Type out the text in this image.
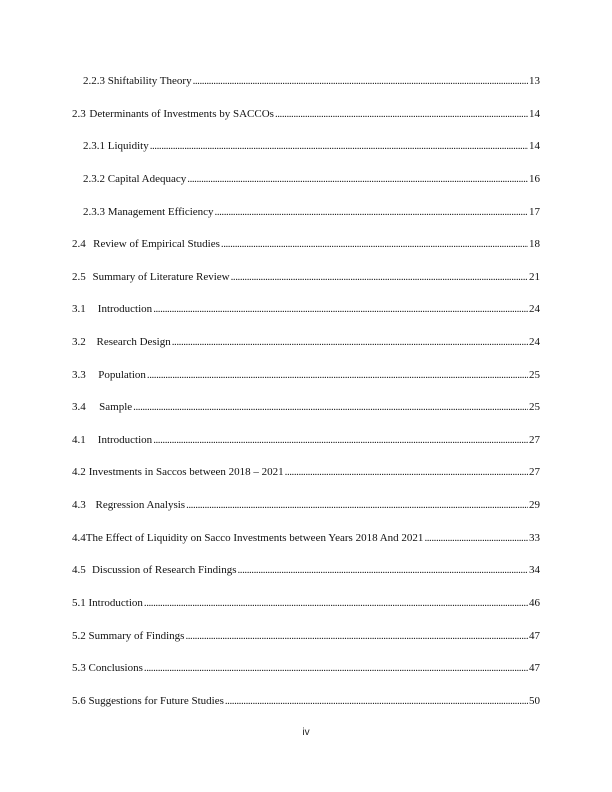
2.2.3 Shiftability Theory . . .	13
2.3 Determinants of Investments by SACCOs . . .	14
2.3.1 Liquidity . . .	14
2.3.2 Capital Adequacy . . .	16
2.3.3 Management Efficiency . . .	17
2.4 Review of Empirical Studies . . .	18
2.5 Summary of Literature Review . . .	21
3.1	Introduction . . .	24
3.2 Research Design . . .	24
3.3	Population . . .	25
3.4	Sample . . .	25
4.1	Introduction . . .	27
4.2 Investments in Saccos between 2018 – 2021 . . .	27
4.3 Regression Analysis . . .	29
4.4 The Effect of Liquidity on Sacco Investments between Years 2018 And 2021 . . .	33
4.5 Discussion of Research Findings . . .	34
5.1 Introduction . . .	46
5.2 Summary of Findings . . .	47
5.3 Conclusions . . .	47
5.6 Suggestions for Future Studies . . .	50
iv
